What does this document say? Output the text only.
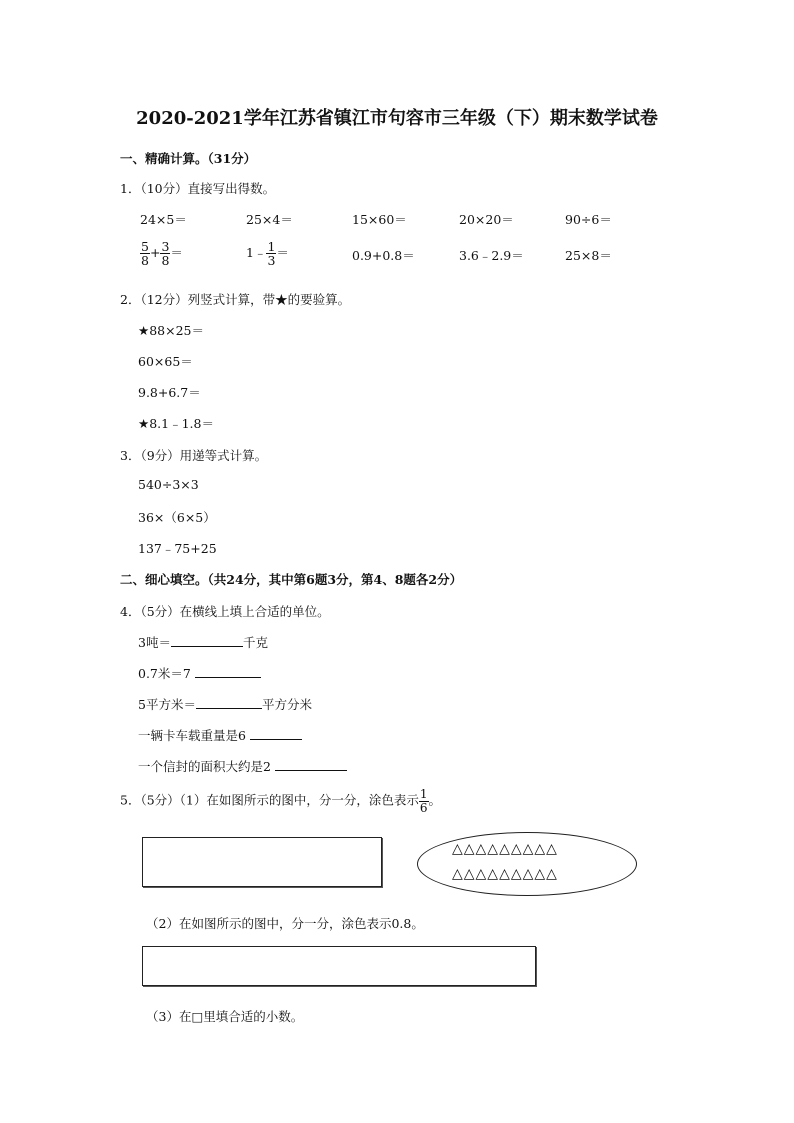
2020-2021学年江苏省镇江市句容市三年级（下）期末数学试卷
一、精确计算。（31分）
1．（10分）直接写出得数。
24×5＝	25×4＝	15×60＝	20×20＝	90÷6＝
$\frac{5}{8} + \frac{3}{8}$ ＝	1﹣ $\frac{1}{3}$ ＝	0.9+0.8＝	3.6﹣2.9＝	25×8＝
2．（12分）列竖式计算，带★的要验算。
★88×25＝
60×65＝
9.8+6.7＝
★8.1﹣1.8＝
3．（9分）用递等式计算。
540÷3×3
36×（6×5）
137﹣75+25
二、细心填空。（共24分，其中第6题3分，第4、8题各2分）
4．（5分）在横线上填上合适的单位。
3吨＝	千克
0.7米＝7
5平方米＝	平方分米
一辆卡车载重量是6
一个信封的面积大约是2
5．（5分）（1）在如图所示的图中，分一分，涂色表示 $\frac{1}{6}$ 。
△△△△△△△△△
△△△△△△△△△
（2）在如图所示的图中，分一分，涂色表示0.8。
（3）在□里填合适的小数。
